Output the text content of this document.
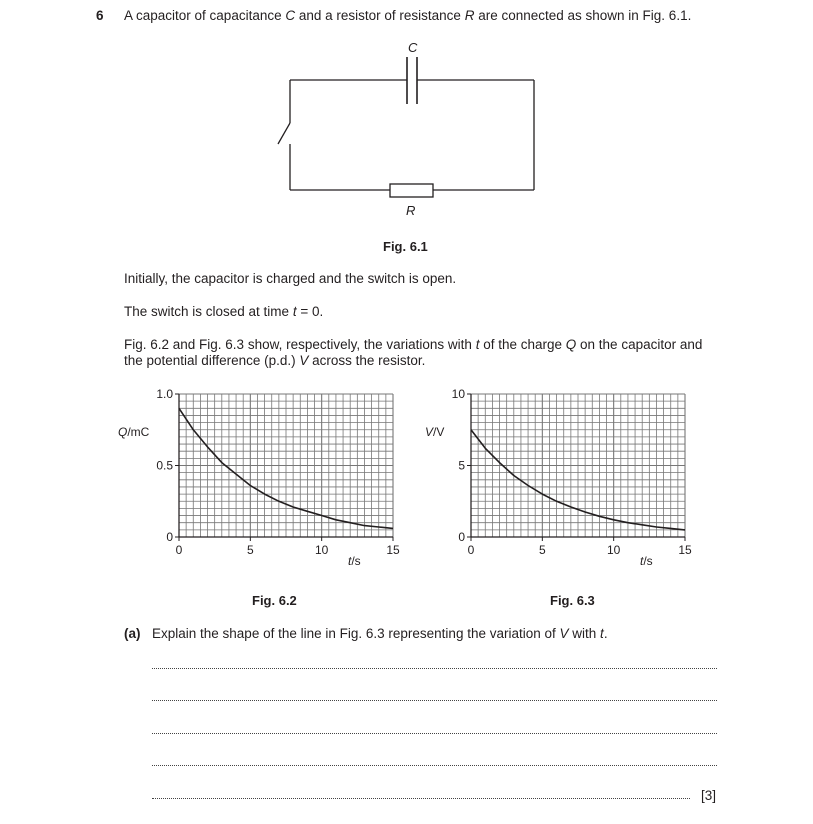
6 A capacitor of capacitance C and a resistor of resistance R are connected as shown in Fig. 6.1.
C
R
Fig. 6.1
Initially, the capacitor is charged and the switch is open.
The switch is closed at time t = 0.
Fig. 6.2 and Fig. 6.3 show, respectively, the variations with t of the charge Q on the capacitor and
the potential difference (p.d.) V across the resistor.
0
0.5
1.0
0	5	10	15
Q/mC
t/s
0
5
10
0	5	10	15
V/V
t/s
Fig. 6.2	Fig. 6.3
(a) Explain the shape of the line in Fig. 6.3 representing the variation of V with t.
[3]
